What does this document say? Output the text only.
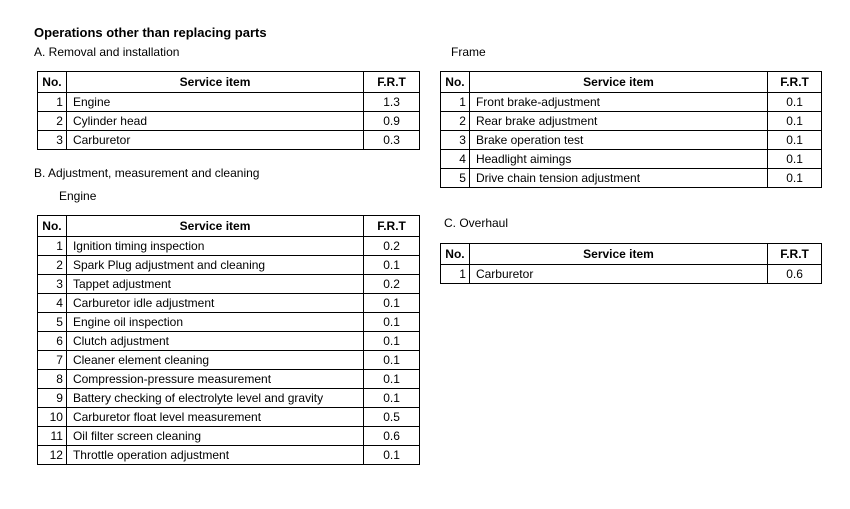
Operations other than replacing parts
A. Removal and installation
No.	Service item	F.R.T
1	Engine	1.3
2	Cylinder head	0.9
3	Carburetor	0.3
B. Adjustment, measurement and cleaning
Engine
No.	Service item	F.R.T
1	Ignition timing inspection	0.2
2	Spark Plug adjustment and cleaning	0.1
3	Tappet adjustment	0.2
4	Carburetor idle adjustment	0.1
5	Engine oil inspection	0.1
6	Clutch adjustment	0.1
7	Cleaner element cleaning	0.1
8	Compression-pressure measurement	0.1
9	Battery checking of electrolyte level and gravity	0.1
10	Carburetor float level measurement	0.5
11	Oil filter screen cleaning	0.6
12	Throttle operation adjustment	0.1
Frame
No.	Service item	F.R.T
1	Front brake-adjustment	0.1
2	Rear brake adjustment	0.1
3	Brake operation test	0.1
4	Headlight aimings	0.1
5	Drive chain tension adjustment	0.1
C. Overhaul
No.	Service item	F.R.T
1	Carburetor	0.6
